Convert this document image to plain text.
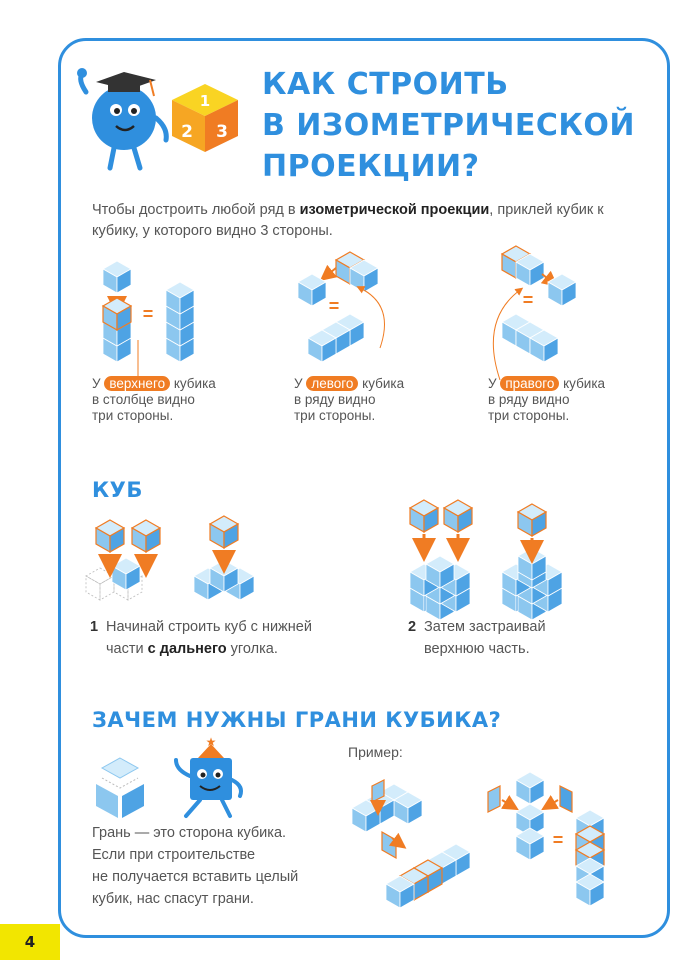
1
2 3
=	=	=
★
=
КАК СТРОИТЬ
В ИЗОМЕТРИЧЕСКОЙ
ПРОЕКЦИИ?
Чтобы достроить любой ряд в изометрической проекции, приклей кубик к кубику, у которого видно 3 стороны.
У верхнего кубика
в столбце видно
три стороны.
У левого кубика
в ряду видно
три стороны.
У правого кубика
в ряду видно
три стороны.
КУБ
1 Начинай строить куб с нижней
части с дальнего уголка.
2 Затем застраивай
верхнюю часть.
ЗАЧЕМ НУЖНЫ ГРАНИ КУБИКА?
Пример:
Грань — это сторона кубика.
Если при строительстве
не получается вставить целый
кубик, нас спасут грани.
4
